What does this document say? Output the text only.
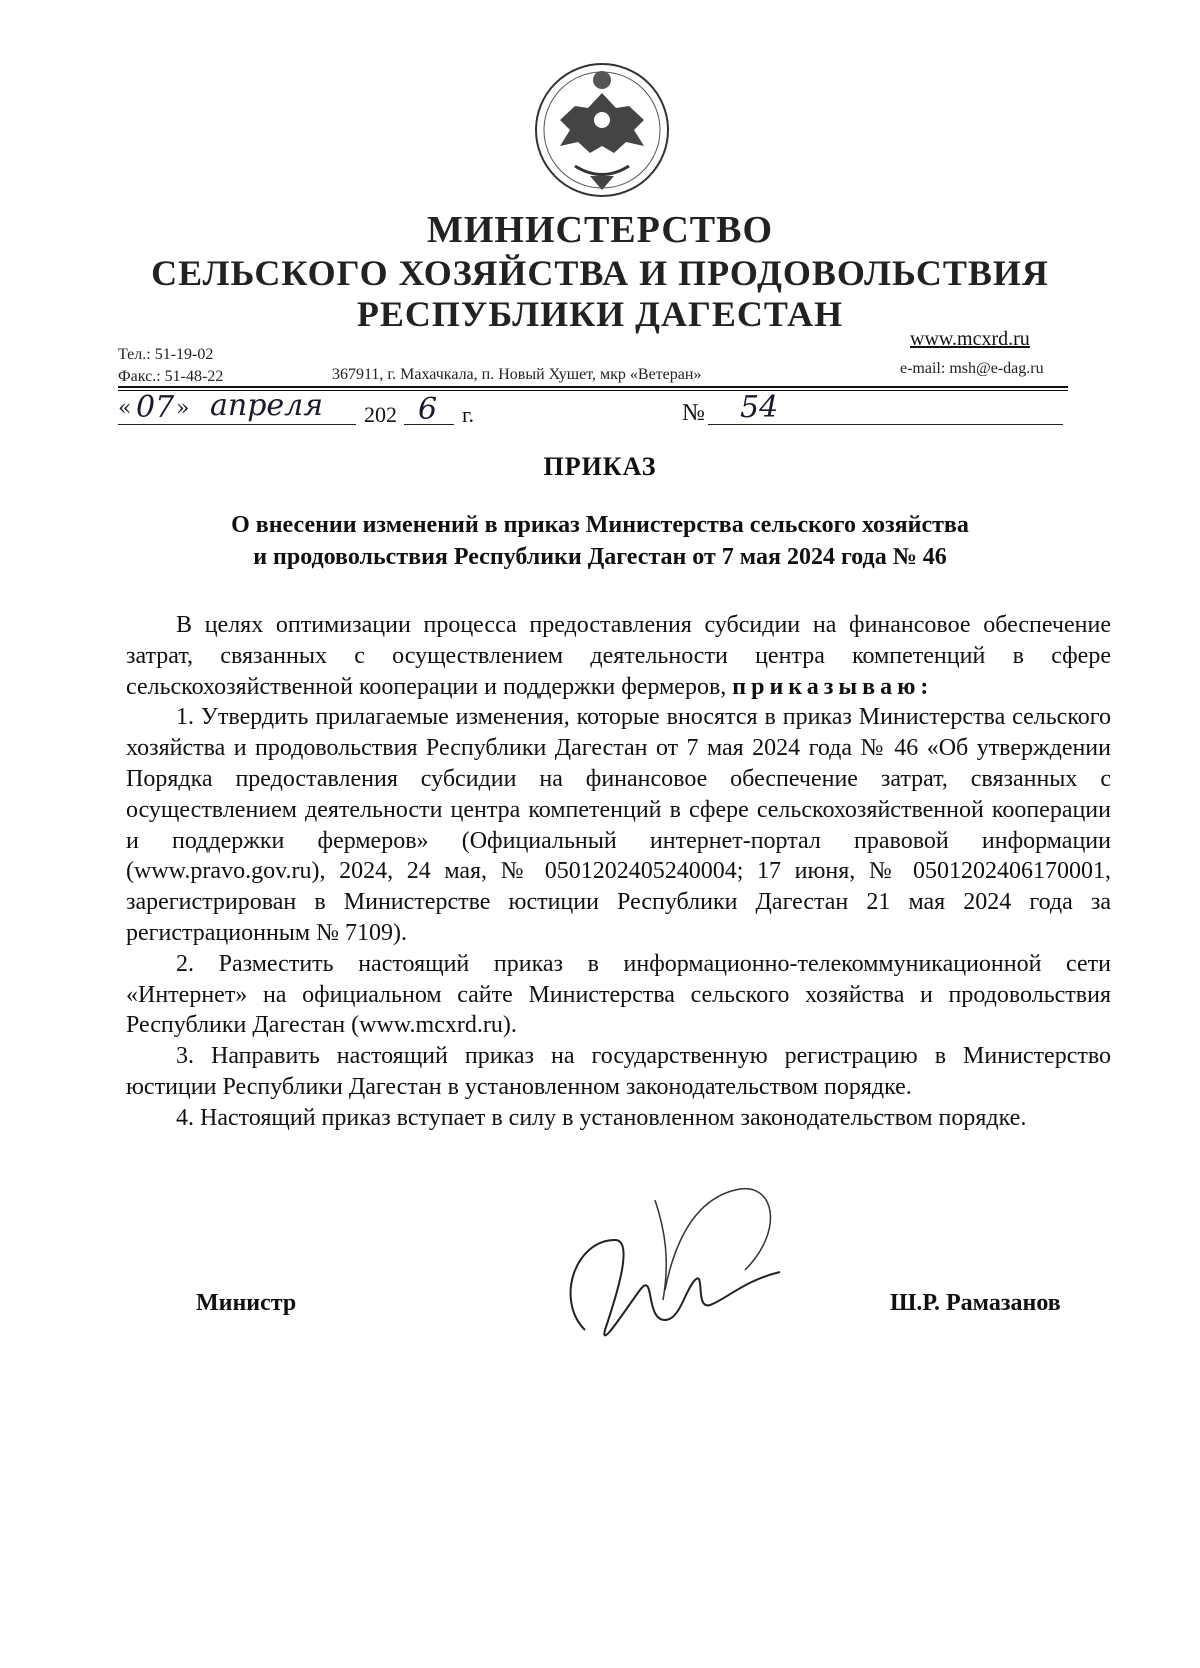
МИНИСТЕРСТВО
СЕЛЬСКОГО ХОЗЯЙСТВА И ПРОДОВОЛЬСТВИЯ
РЕСПУБЛИКИ ДАГЕСТАН
Тел.: 51-19-02
Факс.: 51-48-22	367911, г. Махачкала, п. Новый Хушет, мкр «Ветеран»
www.mcxrd.ru
e-mail: msh@e-dag.ru
« 07 » апреля 202 6 г.	№ 54
ПРИКАЗ
О внесении изменений в приказ Министерства сельского хозяйства
и продовольствия Республики Дагестан от 7 мая 2024 года № 46

В целях оптимизации процесса предоставления субсидии на финансовое обеспечение затрат, связанных с осуществлением деятельности центра компетенций в сфере сельскохозяйственной кооперации и поддержки фермеров, приказываю:

1. Утвердить прилагаемые изменения, которые вносятся в приказ Министерства сельского хозяйства и продовольствия Республики Дагестан от 7 мая 2024 года № 46 «Об утверждении Порядка предоставления субсидии на финансовое обеспечение затрат, связанных с осуществлением деятельности центра компетенций в сфере сельскохозяйственной кооперации и поддержки фермеров» (Официальный интернет-портал правовой информации (www.pravo.gov.ru), 2024, 24 мая, № 0501202405240004; 17 июня, № 0501202406170001, зарегистрирован в Министерстве юстиции Республики Дагестан 21 мая 2024 года за регистрационным № 7109).

2. Разместить настоящий приказ в информационно-телекоммуникационной сети «Интернет» на официальном сайте Министерства сельского хозяйства и продовольствия Республики Дагестан (www.mcxrd.ru).

3. Направить настоящий приказ на государственную регистрацию в Министерство юстиции Республики Дагестан в установленном законодательством порядке.

4. Настоящий приказ вступает в силу в установленном законодательством порядке.

Министр	Ш.Р. Рамазанов
